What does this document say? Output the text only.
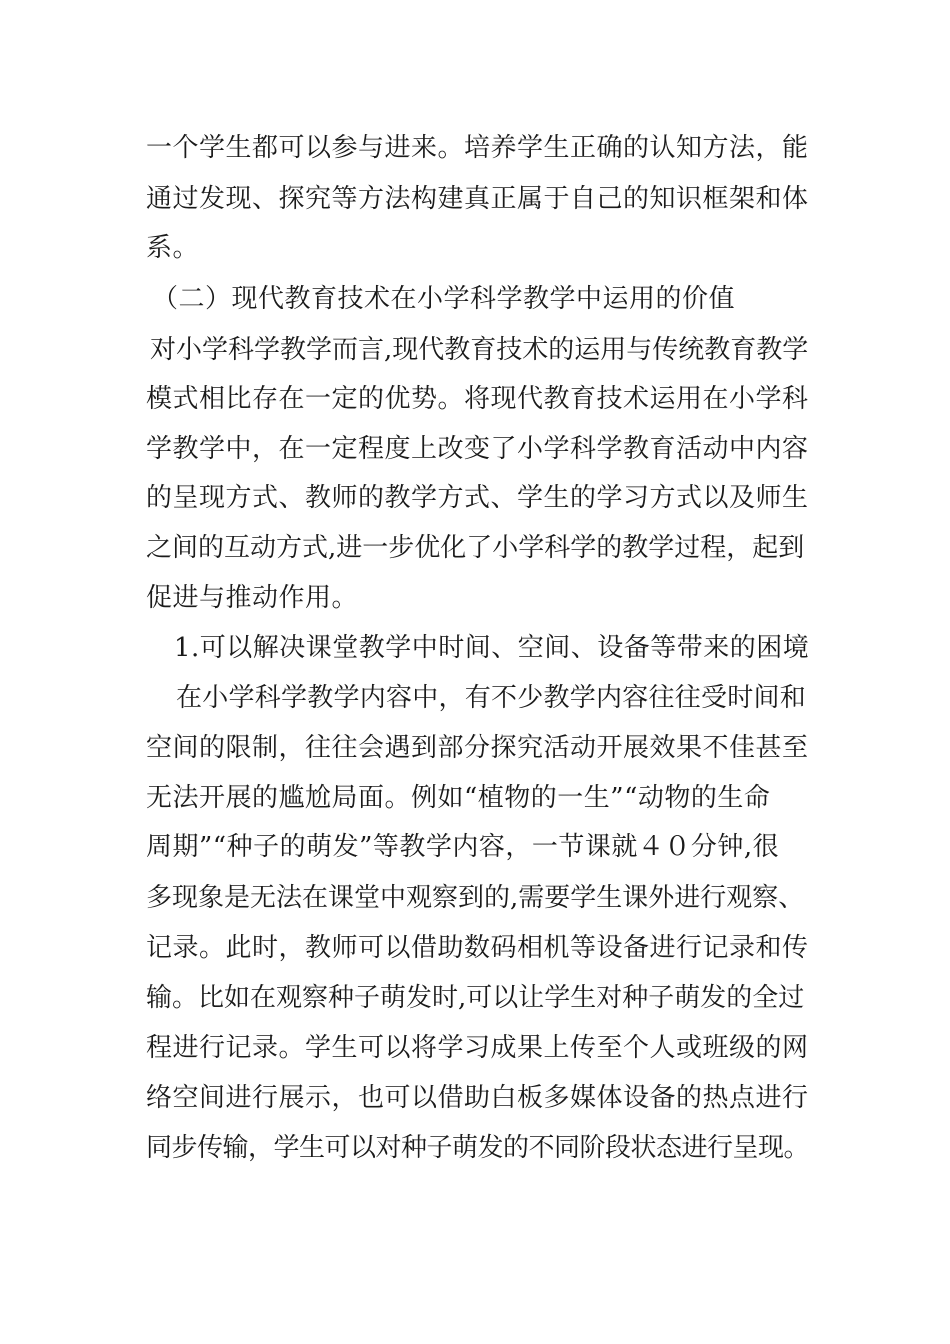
一个学生都可以参与进来。培养学生正确的认知方法，能
通过发现、探究等方法构建真正属于自己的知识框架和体
系。
（二）现代教育技术在小学科学教学中运用的价值
对小学科学教学而言,现代教育技术的运用与传统教育教学
模式相比存在一定的优势。将现代教育技术运用在小学科
学教学中，在一定程度上改变了小学科学教育活动中内容
的呈现方式、教师的教学方式、学生的学习方式以及师生
之间的互动方式,进一步优化了小学科学的教学过程，起到
促进与推动作用。
1.可以解决课堂教学中时间、空间、设备等带来的困境
在小学科学教学内容中，有不少教学内容往往受时间和
空间的限制，往往会遇到部分探究活动开展效果不佳甚至
无法开展的尴尬局面。例如“植物的一生”“动物的生命
周期”“种子的萌发”等教学内容，一节课就４０分钟,很
多现象是无法在课堂中观察到的,需要学生课外进行观察、
记录。此时，教师可以借助数码相机等设备进行记录和传
输。比如在观察种子萌发时,可以让学生对种子萌发的全过
程进行记录。学生可以将学习成果上传至个人或班级的网
络空间进行展示，也可以借助白板多媒体设备的热点进行
同步传输，学生可以对种子萌发的不同阶段状态进行呈现。
